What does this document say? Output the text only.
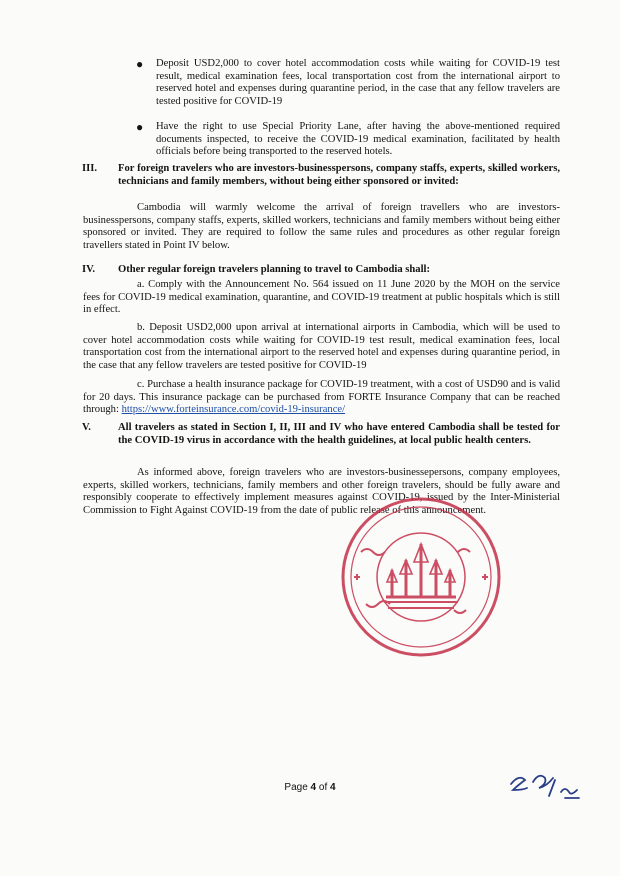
● Deposit USD2,000 to cover hotel accommodation costs while waiting for COVID-19 test result, medical examination fees, local transportation cost from the international airport to reserved hotel and expenses during quarantine period, in the case that any fellow travelers are tested positive for COVID-19
● Have the right to use Special Priority Lane, after having the above-mentioned required documents inspected, to receive the COVID-19 medical examination, facilitated by health officials before being transported to the reserved hotels.
III. For foreign travelers who are investors-businesspersons, company staffs, experts, skilled workers, technicians and family members, without being either sponsored or invited:
Cambodia will warmly welcome the arrival of foreign travellers who are investors-businesspersons, company staffs, experts, skilled workers, technicians and family members without being either sponsored or invited. They are required to follow the same rules and procedures as other regular foreign travellers stated in Point IV below.
IV. Other regular foreign travelers planning to travel to Cambodia shall:
a. Comply with the Announcement No. 564 issued on 11 June 2020 by the MOH on the service fees for COVID-19 medical examination, quarantine, and COVID-19 treatment at public hospitals which is still in effect.
b. Deposit USD2,000 upon arrival at international airports in Cambodia, which will be used to cover hotel accommodation costs while waiting for COVID-19 test result, medical examination fees, local transportation cost from the international airport to the reserved hotel and expenses during quarantine period, in the case that any fellow travelers are tested positive for COVID-19
c. Purchase a health insurance package for COVID-19 treatment, with a cost of USD90 and is valid for 20 days. This insurance package can be purchased from FORTE Insurance Company that can be reached through: https://www.forteinsurance.com/covid-19-insurance/
V.	All travelers as stated in Section I, II, III and IV who have entered Cambodia shall be tested for the COVID-19 virus in accordance with the health guidelines, at local public health centers.
As informed above, foreign travelers who are investors-businessepersons, company employees, experts, skilled workers, technicians, family members and other foreign travelers, should be fully aware and responsibly cooperate to effectively implement measures against COVID-19, issued by the Inter-Ministerial Commission to Fight Against COVID-19 from the date of public release of this announcement.
Page 4 of 4
